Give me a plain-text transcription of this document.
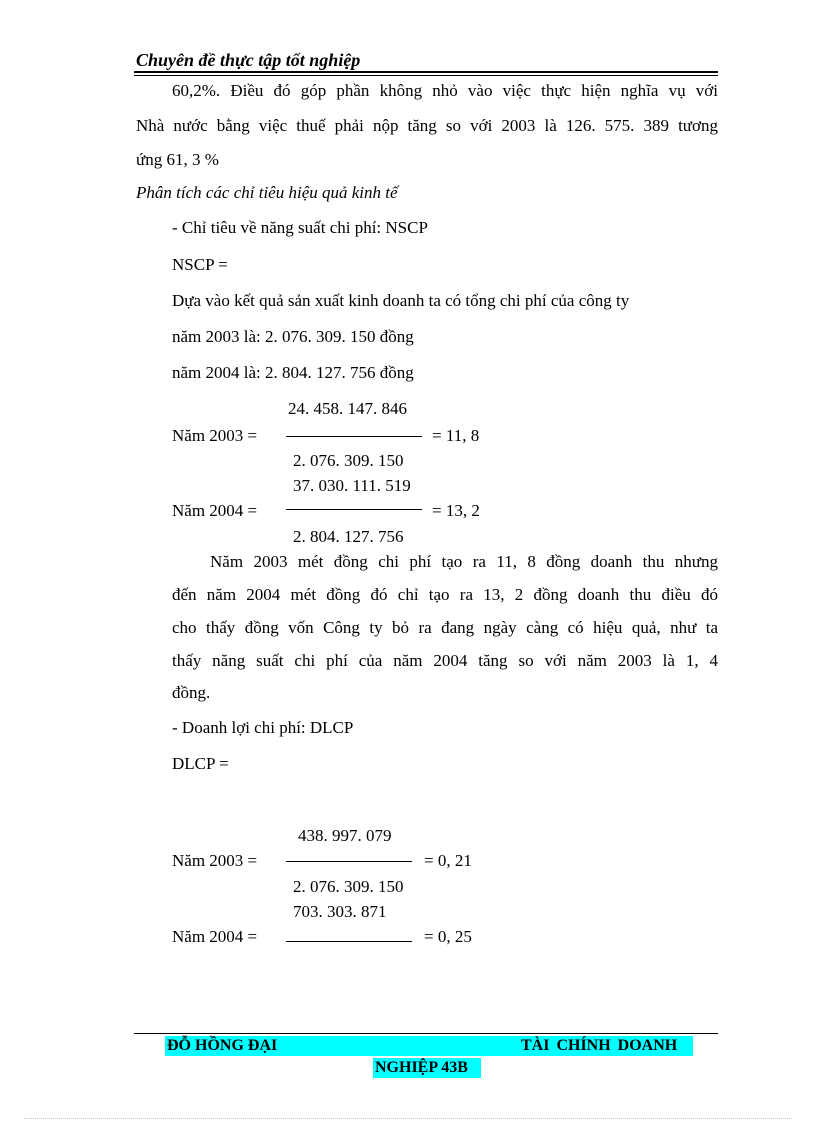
Chuyên đề thực tập tốt nghiệp
60,2%. Điều đó góp phần không nhỏ vào việc thực hiện nghĩa vụ với
Nhà nước bằng việc thuế phải nộp tăng so với 2003 là 126. 575. 389 tương
ứng 61, 3 %
Phân tích các chỉ tiêu hiệu quả kinh tế
- Chỉ tiêu về năng suất chi phí: NSCP
NSCP =
Dựa vào kết quả sản xuất kinh doanh ta có tổng chi phí của công ty
năm 2003 là: 2. 076. 309. 150 đồng
năm 2004 là: 2. 804. 127. 756 đồng
24. 458. 147. 846
Năm 2003 =	= 11, 8
2. 076. 309. 150
37. 030. 111. 519
Năm 2004 =	= 13, 2
2. 804. 127. 756
Năm 2003 mét đồng chi phí tạo ra 11, 8 đồng doanh thu nhưng
đến năm 2004 mét đồng đó chỉ tạo ra 13, 2 đồng doanh thu điều đó
cho thấy đồng vốn Công ty bỏ ra đang ngày càng có hiệu quả, như ta
thấy năng suất chi phí của năm 2004 tăng so với năm 2003 là 1, 4
đồng.
- Doanh lợi chi phí: DLCP
DLCP =
438. 997. 079
Năm 2003 =	= 0, 21
2. 076. 309. 150
703. 303. 871
Năm 2004 =	= 0, 25
ĐỖ HỒNG ĐẠI	TÀI CHÍNH DOANH
NGHIỆP 43B
